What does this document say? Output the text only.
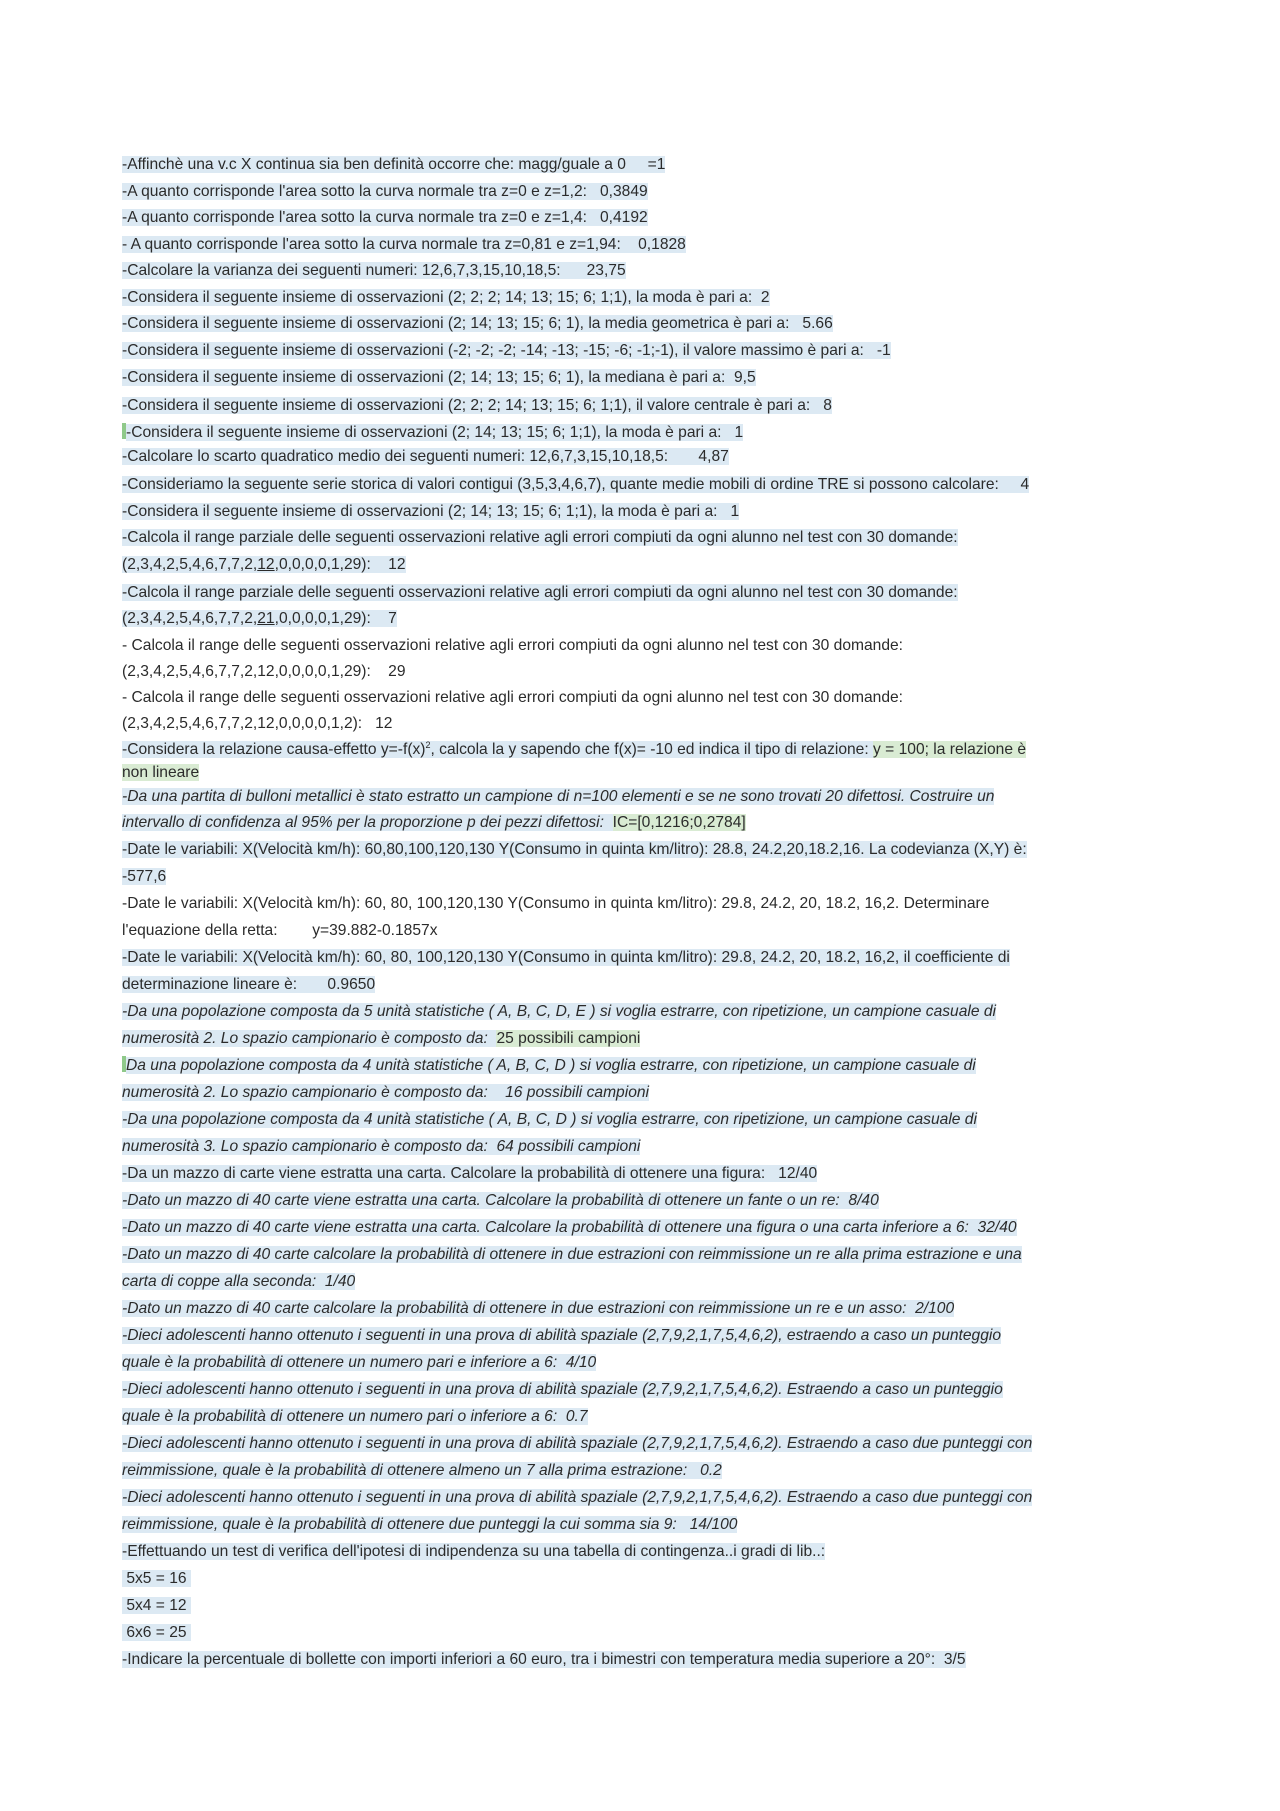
-Affinchè una v.c X continua sia ben definità occorre che: magg/guale a 0     =1
-A quanto corrisponde l'area sotto la curva normale tra z=0 e z=1,2:   0,3849
-A quanto corrisponde l'area sotto la curva normale tra z=0 e z=1,4:   0,4192
- A quanto corrisponde l'area sotto la curva normale tra z=0,81 e z=1,94:    0,1828
-Calcolare la varianza dei seguenti numeri: 12,6,7,3,15,10,18,5:      23,75
-Considera il seguente insieme di osservazioni (2; 2; 2; 14; 13; 15; 6; 1;1), la moda è pari a:  2
-Considera il seguente insieme di osservazioni (2; 14; 13; 15; 6; 1), la media geometrica è pari a:   5.66
-Considera il seguente insieme di osservazioni (-2; -2; -2; -14; -13; -15; -6; -1;-1), il valore massimo è pari a:   -1
-Considera il seguente insieme di osservazioni (2; 14; 13; 15; 6; 1), la mediana è pari a:  9,5
-Considera il seguente insieme di osservazioni (2; 2; 2; 14; 13; 15; 6; 1;1), il valore centrale è pari a:   8
-Considera il seguente insieme di osservazioni (2; 14; 13; 15; 6; 1;1), la moda è pari a:   1
-Calcolare lo scarto quadratico medio dei seguenti numeri: 12,6,7,3,15,10,18,5:       4,87
-Consideriamo la seguente serie storica di valori contigui (3,5,3,4,6,7), quante medie mobili di ordine TRE si possono calcolare:     4
-Considera il seguente insieme di osservazioni (2; 14; 13; 15; 6; 1;1), la moda è pari a:   1
-Calcola il range parziale delle seguenti osservazioni relative agli errori compiuti da ogni alunno nel test con 30 domande:
(2,3,4,2,5,4,6,7,7,2,12,0,0,0,0,1,29):    12
-Calcola il range parziale delle seguenti osservazioni relative agli errori compiuti da ogni alunno nel test con 30 domande:
(2,3,4,2,5,4,6,7,7,2,21,0,0,0,0,1,29):    7
- Calcola il range delle seguenti osservazioni relative agli errori compiuti da ogni alunno nel test con 30 domande:
(2,3,4,2,5,4,6,7,7,2,12,0,0,0,0,1,29):    29
- Calcola il range delle seguenti osservazioni relative agli errori compiuti da ogni alunno nel test con 30 domande:
(2,3,4,2,5,4,6,7,7,2,12,0,0,0,0,1,2):   12
-Considera la relazione causa-effetto $y=-f(x)^2$, calcola la y sapendo che f(x)= -10 ed indica il tipo di relazione: y = 100; la relazione è
non lineare
-Da una partita di bulloni metallici è stato estratto un campione di n=100 elementi e se ne sono trovati 20 difettosi. Costruire un
intervallo di confidenza al 95% per la proporzione p dei pezzi difettosi:  IC=[0,1216;0,2784]
-Date le variabili: X(Velocità km/h): 60,80,100,120,130 Y(Consumo in quinta km/litro): 28.8, 24.2,20,18.2,16. La codevianza (X,Y) è:
-577,6
-Date le variabili: X(Velocità km/h): 60, 80, 100,120,130 Y(Consumo in quinta km/litro): 29.8, 24.2, 20, 18.2, 16,2. Determinare
l'equazione della retta:        y=39.882-0.1857x
-Date le variabili: X(Velocità km/h): 60, 80, 100,120,130 Y(Consumo in quinta km/litro): 29.8, 24.2, 20, 18.2, 16,2, il coefficiente di
determinazione lineare è:       0.9650
-Da una popolazione composta da 5 unità statistiche ( A, B, C, D, E ) si voglia estrarre, con ripetizione, un campione casuale di
numerosità 2. Lo spazio campionario è composto da:  25 possibili campioni
Da una popolazione composta da 4 unità statistiche ( A, B, C, D ) si voglia estrarre, con ripetizione, un campione casuale di
numerosità 2. Lo spazio campionario è composto da:    16 possibili campioni
-Da una popolazione composta da 4 unità statistiche ( A, B, C, D ) si voglia estrarre, con ripetizione, un campione casuale di
numerosità 3. Lo spazio campionario è composto da:  64 possibili campioni
-Da un mazzo di carte viene estratta una carta. Calcolare la probabilità di ottenere una figura:   12/40
-Dato un mazzo di 40 carte viene estratta una carta. Calcolare la probabilità di ottenere un fante o un re:  8/40
-Dato un mazzo di 40 carte viene estratta una carta. Calcolare la probabilità di ottenere una figura o una carta inferiore a 6:  32/40
-Dato un mazzo di 40 carte calcolare la probabilità di ottenere in due estrazioni con reimmissione un re alla prima estrazione e una
carta di coppe alla seconda:  1/40
-Dato un mazzo di 40 carte calcolare la probabilità di ottenere in due estrazioni con reimmissione un re e un asso:  2/100
-Dieci adolescenti hanno ottenuto i seguenti in una prova di abilità spaziale (2,7,9,2,1,7,5,4,6,2), estraendo a caso un punteggio
quale è la probabilità di ottenere un numero pari e inferiore a 6:  4/10
-Dieci adolescenti hanno ottenuto i seguenti in una prova di abilità spaziale (2,7,9,2,1,7,5,4,6,2). Estraendo a caso un punteggio
quale è la probabilità di ottenere un numero pari o inferiore a 6:  0.7
-Dieci adolescenti hanno ottenuto i seguenti in una prova di abilità spaziale (2,7,9,2,1,7,5,4,6,2). Estraendo a caso due punteggi con
reimmissione, quale è la probabilità di ottenere almeno un 7 alla prima estrazione:   0.2
-Dieci adolescenti hanno ottenuto i seguenti in una prova di abilità spaziale (2,7,9,2,1,7,5,4,6,2). Estraendo a caso due punteggi con
reimmissione, quale è la probabilità di ottenere due punteggi la cui somma sia 9:   14/100
-Effettuando un test di verifica dell'ipotesi di indipendenza su una tabella di contingenza..i gradi di lib..:
5x5 = 16
5x4 = 12
6x6 = 25
-Indicare la percentuale di bollette con importi inferiori a 60 euro, tra i bimestri con temperatura media superiore a 20°:  3/5
